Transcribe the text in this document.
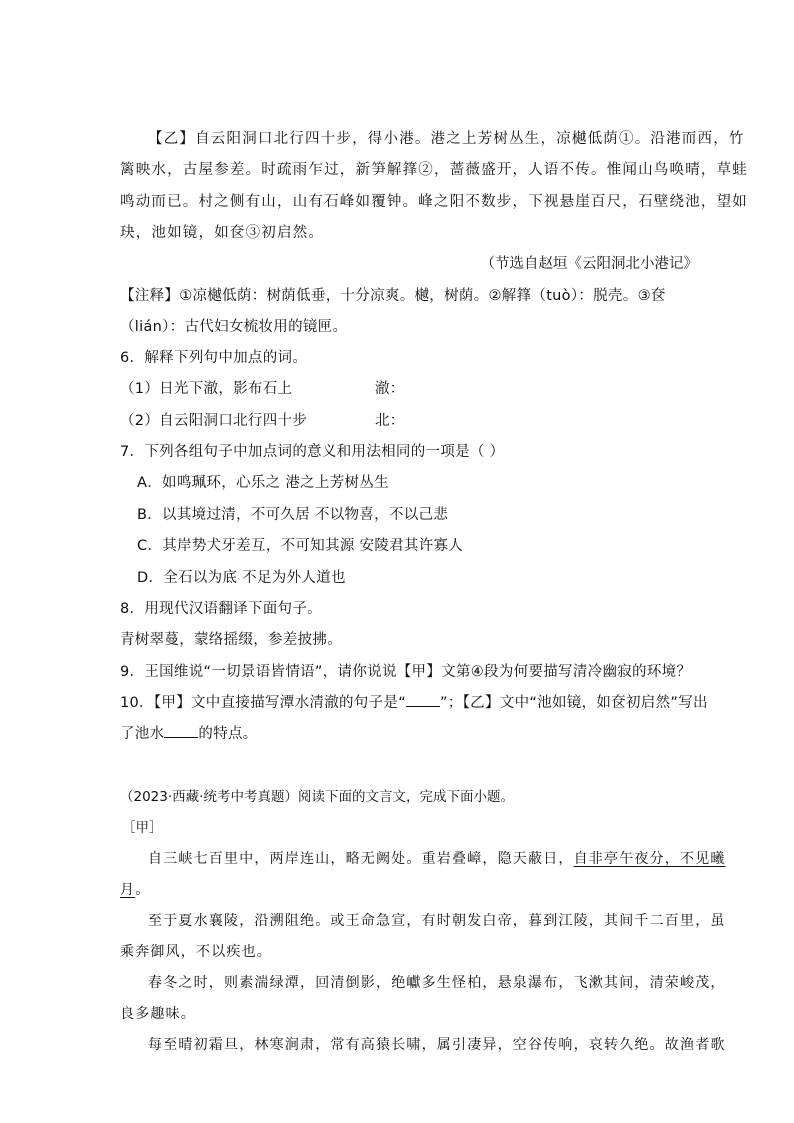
【乙】自云阳洞口北行四十步，得小港。港之上芳树丛生，凉樾低荫①。沿港而西，竹
篱映水，古屋参差。时疏雨乍过，新笋解箨②，蔷薇盛开，人语不传。惟闻山鸟唤晴，草蛙
鸣动而已。村之侧有山，山有石峰如覆钟。峰之阳不数步，下视悬崖百尺，石壁绕池，望如
玦，池如镜，如奁③初启然。
（节选自赵垣《云阳洞北小港记》
【注释】①凉樾低荫：树荫低垂，十分凉爽。樾，树荫。②解箨（tuò）：脱壳。③奁
（lián）：古代妇女梳妆用的镜匣。
6．解释下列句中加点的词。
（1）日光下澈，影布石上	澈：
（2）自云阳洞口北行四十步	北：
7．下列各组句子中加点词的意义和用法相同的一项是（ ）
A．如鸣珮环，心乐之 港之上芳树丛生
B．以其境过清，不可久居 不以物喜，不以己悲
C．其岸势犬牙差互，不可知其源 安陵君其许寡人
D．全石以为底 不足为外人道也
8．用现代汉语翻译下面句子。
青树翠蔓，蒙络摇缀，参差披拂。
9．王国维说“一切景语皆情语”，请你说说【甲】文第④段为何要描写清冷幽寂的环境？
10．【甲】文中直接描写潭水清澈的句子是“ ”；【乙】文中“池如镜，如奁初启然”写出
了池水 的特点。
（2023·西藏·统考中考真题）阅读下面的文言文，完成下面小题。
［甲］
自三峡七百里中，两岸连山，略无阙处。重岩叠嶂，隐天蔽日，自非亭午夜分，不见曦
月。
至于夏水襄陵，沿溯阻绝。或王命急宣，有时朝发白帝，暮到江陵，其间千二百里，虽
乘奔御风，不以疾也。
春冬之时，则素湍绿潭，回清倒影，绝巘多生怪柏，悬泉瀑布，飞漱其间，清荣峻茂，
良多趣味。
每至晴初霜旦，林寒涧肃，常有高猿长啸，属引凄异，空谷传响，哀转久绝。故渔者歌
